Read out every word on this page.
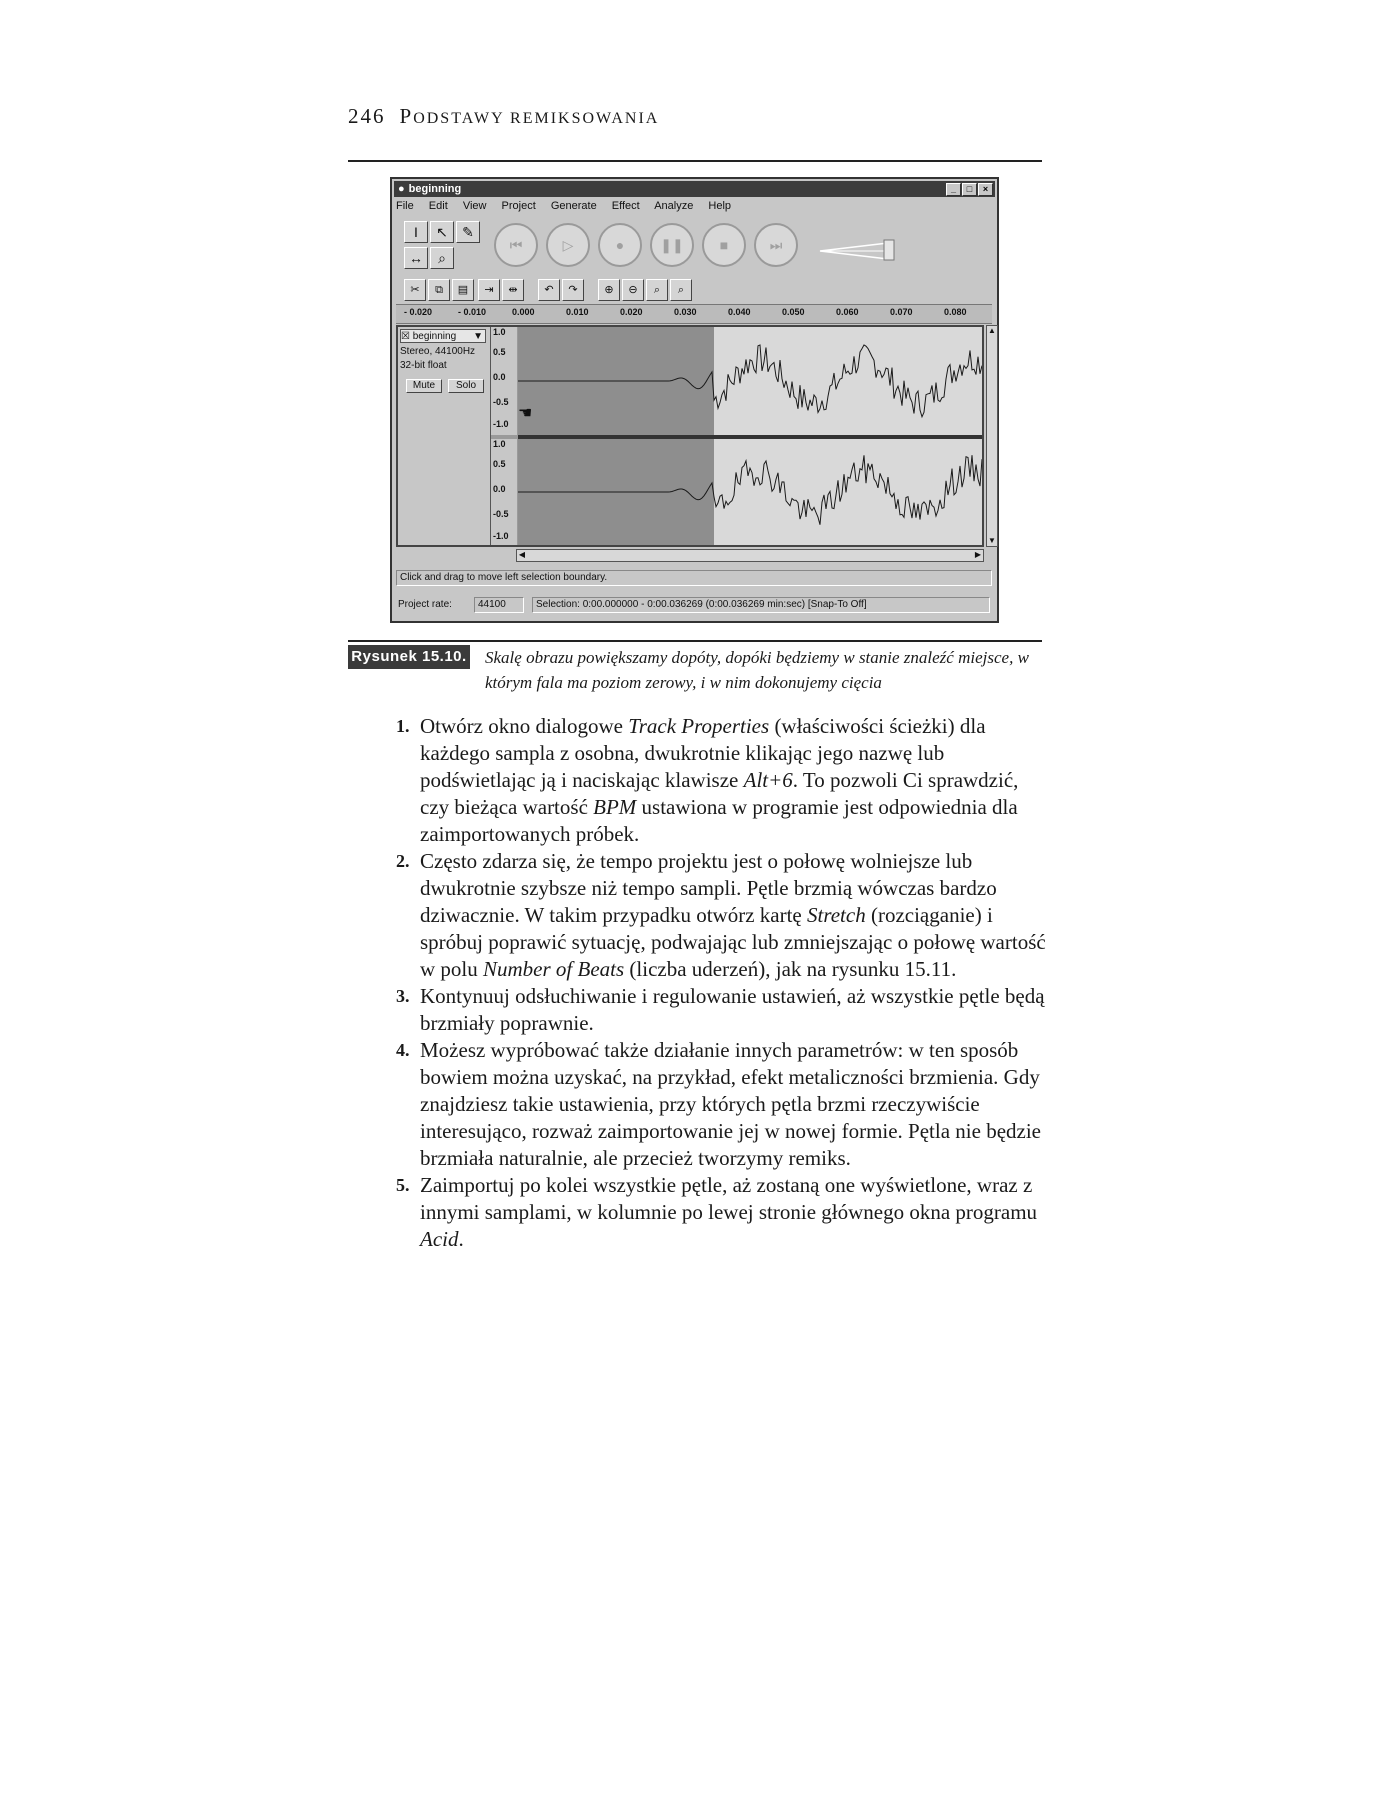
246 PODSTAWY REMIKSOWANIA
● beginning	_ □ ×
File Edit View Project Generate Effect Analyze Help
I	↖	✎
↔	⌕
⏮	▷	●	❚❚	■	⏭
✂	⧉	▤	⇥	⇹	↶	↷	⊕	⊖	⌕	⌕
- 0.020	- 0.010	0.000	0.010	0.020	0.030	0.040	0.050	0.060	0.070	0.080
☒ beginning ▼
Stereo, 44100Hz
32-bit float
Mute	Solo
1.0
0.5
0.0
-0.5
-1.0
1.0
0.5
0.0
-0.5
-1.0
☚
▲
▼
◀	▶
Click and drag to move left selection boundary.
Project rate:	44100	Selection: 0:00.000000 - 0:00.036269 (0:00.036269 min:sec) [Snap-To Off]
Rysunek 15.10. Skalę obrazu powiększamy dopóty, dopóki będziemy w stanie znaleźć miejsce, w którym fala ma poziom zerowy, i w nim dokonujemy cięcia
1. Otwórz okno dialogowe Track Properties (właściwości ścieżki) dla każdego sampla z osobna, dwukrotnie klikając jego nazwę lub podświetlając ją i naciskając klawisze Alt+6. To pozwoli Ci sprawdzić, czy bieżąca wartość BPM ustawiona w programie jest odpowiednia dla zaimportowanych próbek.
2. Często zdarza się, że tempo projektu jest o połowę wolniejsze lub dwukrotnie szybsze niż tempo sampli. Pętle brzmią wówczas bardzo dziwacznie. W takim przypadku otwórz kartę Stretch (rozciąganie) i spróbuj poprawić sytuację, podwajając lub zmniejszając o połowę wartość w polu Number of Beats (liczba uderzeń), jak na rysunku 15.11.
3. Kontynuuj odsłuchiwanie i regulowanie ustawień, aż wszystkie pętle będą brzmiały poprawnie.
4. Możesz wypróbować także działanie innych parametrów: w ten sposób bowiem można uzyskać, na przykład, efekt metaliczności brzmienia. Gdy znajdziesz takie ustawienia, przy których pętla brzmi rzeczywiście interesująco, rozważ zaimportowanie jej w nowej formie. Pętla nie będzie brzmiała naturalnie, ale przecież tworzymy remiks.
5. Zaimportuj po kolei wszystkie pętle, aż zostaną one wyświetlone, wraz z innymi samplami, w kolumnie po lewej stronie głównego okna programu Acid.
